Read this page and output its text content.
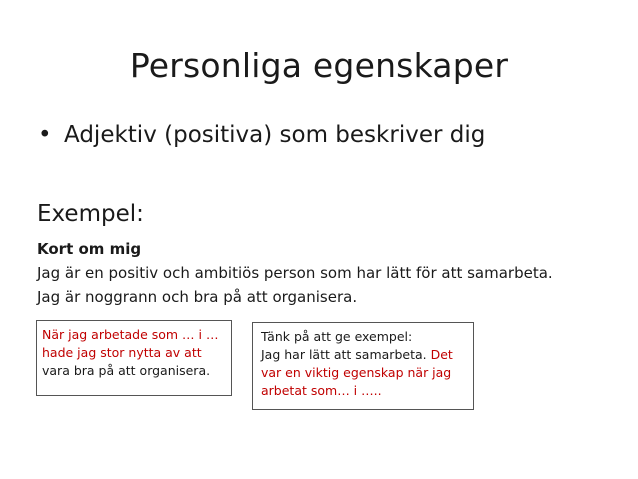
Personliga egenskaper
• Adjektiv (positiva) som beskriver dig
Exempel:
Kort om mig
Jag är en positiv och ambitiös person som har lätt för att samarbeta.
Jag är noggrann och bra på att organisera.
När jag arbetade som … i …
hade jag stor nytta av att
vara bra på att organisera.
Tänk på att ge exempel:
Jag har lätt att samarbeta. Det
var en viktig egenskap när jag
arbetat som… i …..
